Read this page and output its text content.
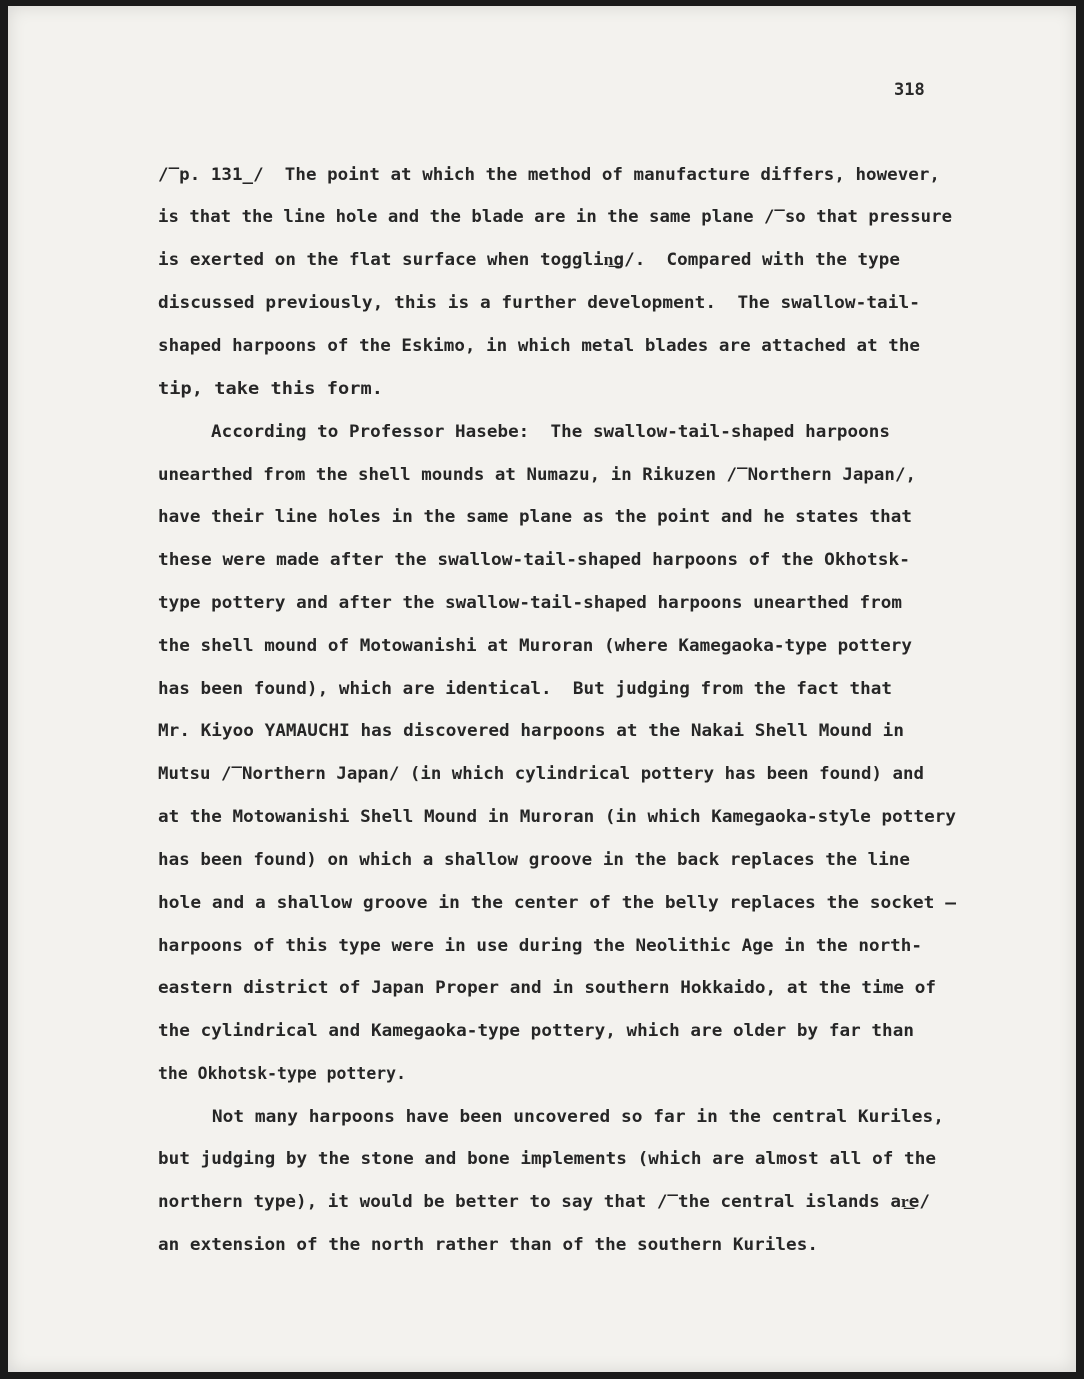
318
/‾p. 131_/  The point at which the method of manufacture differs, however,
is that the line hole and the blade are in the same plane /‾so that pressure
is exerted on the flat surface when togglin͟g/.  Compared with the type
discussed previously, this is a further development.  The swallow-tail-
shaped harpoons of the Eskimo, in which metal blades are attached at the
tip, take this form.
According to Professor Hasebe:  The swallow-tail-shaped harpoons
unearthed from the shell mounds at Numazu, in Rikuzen /‾Northern Japan/,
have their line holes in the same plane as the point and he states that
these were made after the swallow-tail-shaped harpoons of the Okhotsk-
type pottery and after the swallow-tail-shaped harpoons unearthed from
the shell mound of Motowanishi at Muroran (where Kamegaoka-type pottery
has been found), which are identical.  But judging from the fact that
Mr. Kiyoo YAMAUCHI has discovered harpoons at the Nakai Shell Mound in
Mutsu /‾Northern Japan/ (in which cylindrical pottery has been found) and
at the Motowanishi Shell Mound in Muroran (in which Kamegaoka-style pottery
has been found) on which a shallow groove in the back replaces the line
hole and a shallow groove in the center of the belly replaces the socket —
harpoons of this type were in use during the Neolithic Age in the north-
eastern district of Japan Proper and in southern Hokkaido, at the time of
the cylindrical and Kamegaoka-type pottery, which are older by far than
the Okhotsk-type pottery.
Not many harpoons have been uncovered so far in the central Kuriles,
but judging by the stone and bone implements (which are almost all of the
northern type), it would be better to say that /‾the central islands ar͟e/
an extension of the north rather than of the southern Kuriles.
